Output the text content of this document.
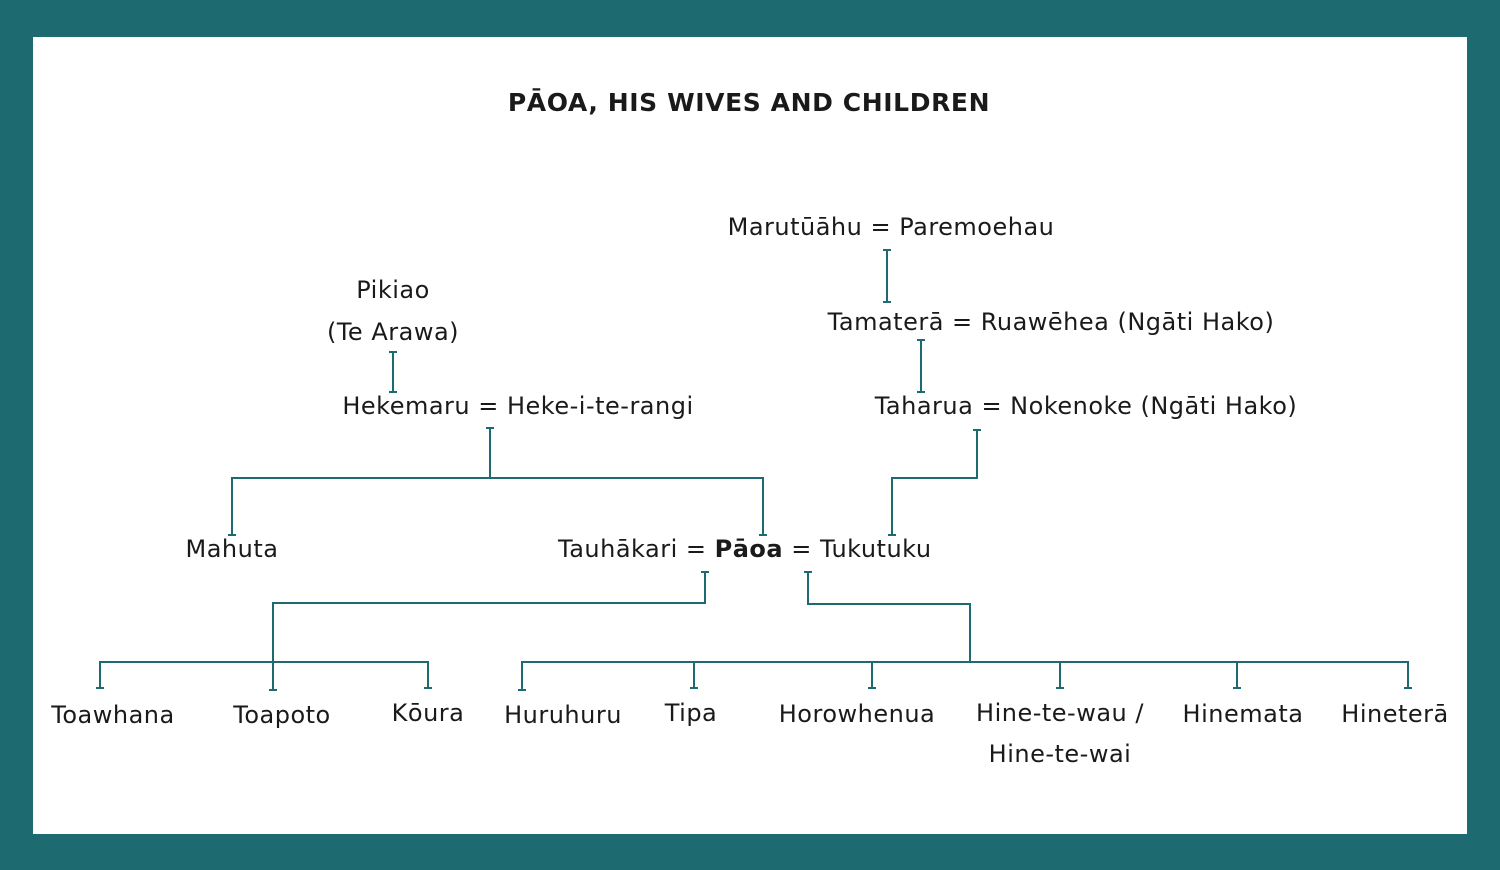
PĀOA, HIS WIVES AND CHILDREN
Marutūāhu = Paremoehau
Pikiao
(Te Arawa)	Tamaterā = Ruawēhea (Ngāti Hako)
Hekemaru = Heke-i-te-rangi	Taharua = Nokenoke (Ngāti Hako)
Mahuta	Tauhākari = Pāoa = Tukutuku
Toawhana Toapoto	Kōura Huruhuru Tipa	Horowhenua Hine-te-wau /
Hine-te-wai
Hinemata Hineterā
